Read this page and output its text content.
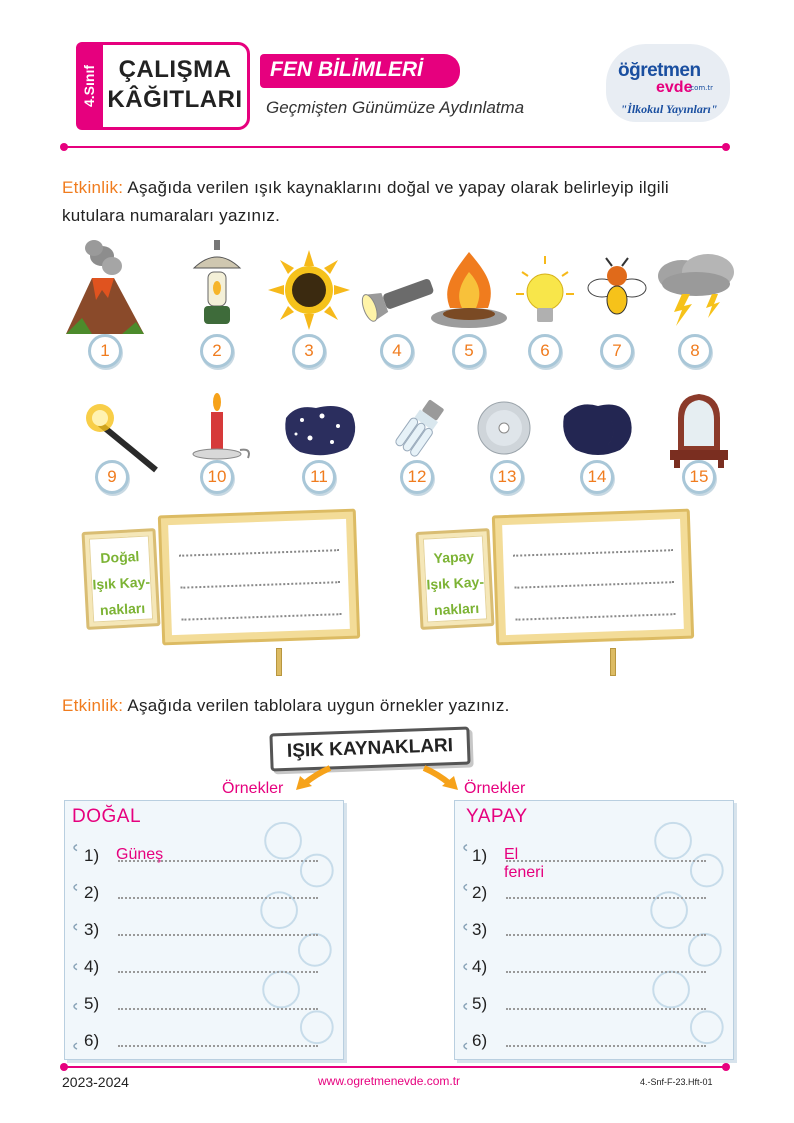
4.Sınıf ÇALIŞMA
KÂĞITLARI
FEN BİLİMLERİ
Geçmişten Günümüze Aydınlatma
öğretmen
evde
.com.tr
"İlkokul Yayınları"
Etkinlik: Aşağıda verilen ışık kaynaklarını doğal ve yapay olarak belirleyip ilgili
kutulara numaraları yazınız.
1	2	3	4	5	6	7	8
9	10	11	12	13	14	15
Doğal
Işık Kay-
nakları
Yapay
Işık Kay-
nakları
Etkinlik: Aşağıda verilen tablolara uygun örnekler yazınız.
IŞIK KAYNAKLARI
Örnekler	Örnekler
DOĞAL
1)	Güneş
2)
3)
4)
5)
6)
YAPAY
1)	El feneri
2)
3)
4)
5)
6)
2023-2024	www.ogretmenevde.com.tr	4.-Snf-F-23.Hft-01
